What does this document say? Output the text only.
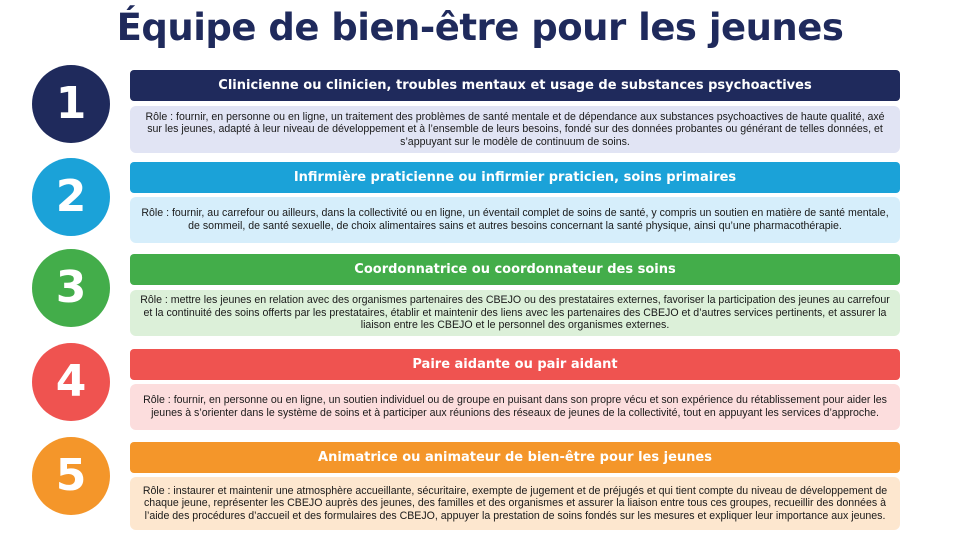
Équipe de bien-être pour les jeunes
1	Clinicienne ou clinicien, troubles mentaux et usage de substances psychoactives
Rôle : fournir, en personne ou en ligne, un traitement des problèmes de santé mentale et de dépendance aux substances psychoactives de haute qualité, axé sur les jeunes, adapté à leur niveau de développement et à l’ensemble de leurs besoins, fondé sur des données probantes ou générant de telles données, et s’appuyant sur le modèle de continuum de soins.
2	Infirmière praticienne ou infirmier praticien, soins primaires
Rôle : fournir, au carrefour ou ailleurs, dans la collectivité ou en ligne, un éventail complet de soins de santé, y compris un soutien en matière de santé mentale, de sommeil, de santé sexuelle, de choix alimentaires sains et autres besoins concernant la santé physique, ainsi qu’une pharmacothérapie.
3	Coordonnatrice ou coordonnateur des soins
Rôle : mettre les jeunes en relation avec des organismes partenaires des CBEJO ou des prestataires externes, favoriser la participation des jeunes au carrefour et la continuité des soins offerts par les prestataires, établir et maintenir des liens avec les partenaires des CBEJO et d’autres services pertinents, et assurer la liaison entre les CBEJO et le personnel des organismes externes.
4	Paire aidante ou pair aidant
Rôle : fournir, en personne ou en ligne, un soutien individuel ou de groupe en puisant dans son propre vécu et son expérience du rétablissement pour aider les jeunes à s’orienter dans le système de soins et à participer aux réunions des réseaux de jeunes de la collectivité, tout en appuyant les services d’approche.
5	Animatrice ou animateur de bien-être pour les jeunes
Rôle : instaurer et maintenir une atmosphère accueillante, sécuritaire, exempte de jugement et de préjugés et qui tient compte du niveau de développement de chaque jeune, représenter les CBEJO auprès des jeunes, des familles et des organismes et assurer la liaison entre tous ces groupes, recueillir des données à l’aide des procédures d’accueil et des formulaires des CBEJO, appuyer la prestation de soins fondés sur les mesures et expliquer leur importance aux jeunes.
